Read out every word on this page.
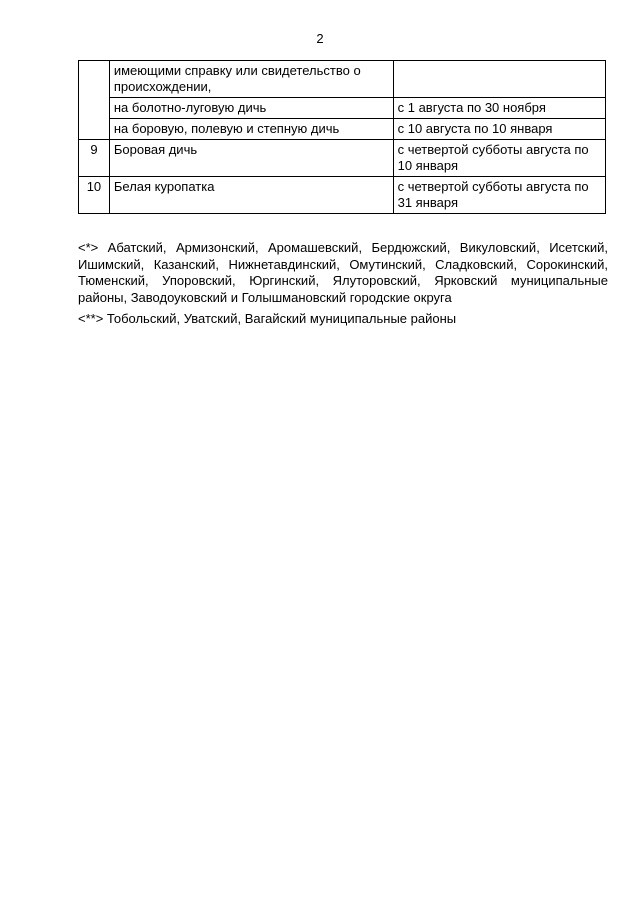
2
	имеющими справку или свидетельство о происхождении,	
	на болотно-луговую дичь	с 1 августа по 30 ноября
	на боровую, полевую и степную дичь	с 10 августа по 10 января
9	Боровая дичь	с четвертой субботы августа по 10 января
10	Белая куропатка	с четвертой субботы августа по 31 января

<*> Абатский, Армизонский, Аромашевский, Бердюжский, Викуловский, Исетский, Ишимский, Казанский, Нижнетавдинский, Омутинский, Сладковский, Сорокинский, Тюменский, Упоровский, Юргинский, Ялуторовский, Ярковский муниципальные районы, Заводоуковский и Голышмановский городские округа

<**> Тобольский, Уватский, Вагайский муниципальные районы
